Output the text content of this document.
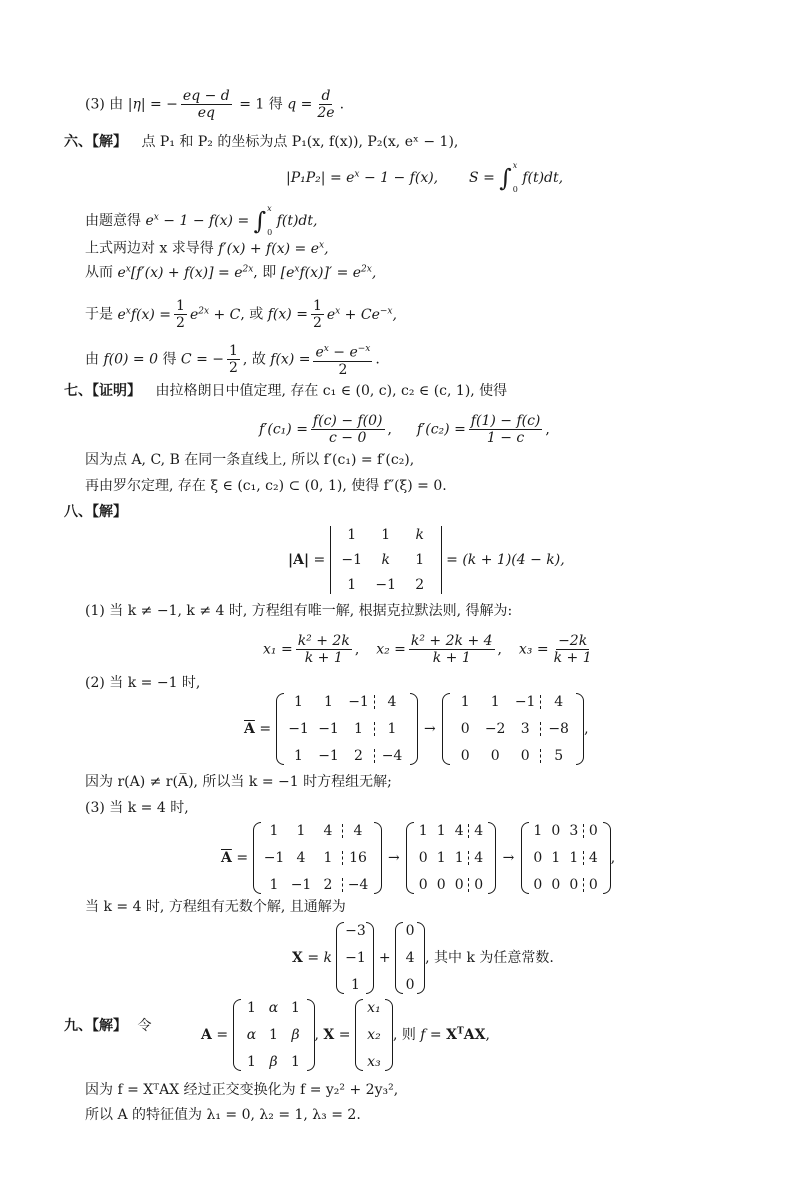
(3) 由 |η| = − $\frac{eq - d}{eq} = 1$ 得 $q = \frac{d}{2e}$ .
六、【解】 点 P₁ 和 P₂ 的坐标为点 P₁(x, f(x)), P₂(x, eˣ − 1),
$|P_1P_2| = e^x - 1 - f(x)$, S = ∫ x
0
f(t)dt,
由题意得 $e^x - 1 - f(x)$ = ∫ x
0
f(t)dt,
上式两边对 x 求导得 $f'(x) + f(x) = e^x$,
从而 $e^x[f'(x) + f(x)] = e^{2x}$, 即 $[e^xf(x)]' = e^{2x}$,
于是 $e^xf(x) = \frac{1}{2} e^{2x} + C$, 或 $f(x) = \frac{1}{2} e^x + Ce^{-x}$,
由 f(0) = 0 得 C = − $\frac{1}{2}$ , 故 $f(x) = \frac{e^x - e^{-x}}{2}$ .
七、【证明】 由拉格朗日中值定理, 存在 c₁ ∈ (0, c), c₂ ∈ (c, 1), 使得
$f'(c_1) = \frac{f(c) - f(0)}{c - 0}$ , $f'(c_2) = \frac{f(1) - f(c)}{1 - c}$ ,
因为点 A, C, B 在同一条直线上, 所以 f′(c₁) = f′(c₂),
再由罗尔定理, 存在 ξ ∈ (c₁, c₂) ⊂ (0, 1), 使得 f″(ξ) = 0.
八、【解】
|A| =
1	1	k
−1	k	1
1	−1	2
= (k + 1)(4 − k),
(1) 当 k ≠ −1, k ≠ 4 时, 方程组有唯一解, 根据克拉默法则, 得解为:
$x_1 = \frac{\text{k² + 2k}}{k + 1}$ , $x_2 = \frac{\text{k² + 2k + 4}}{k + 1}$ , $x_3 = \frac{-2k}{k + 1}$
(2) 当 k = −1 时,
$\overline{A}$ =
1	1	−1	4
−1 −1	1	1
1	−1	2	−4
→
1	1	−1	4
0	−2	3	−8
0	0	0	5
,
因为 r(A) ≠ r(A̅), 所以当 k = −1 时方程组无解;
(3) 当 k = 4 时,
$\overline{A}$ =
1	1	4	4
−1 4	1	16
1 −1 2	−4
→
1 1 4 4
0 1 1 4
0 0 0 0
→
1 0 3 0
0 1 1 4
0 0 0 0
,
当 k = 4 时, 方程组有无数个解, 且通解为
X = k
−3
−1
1
+
0
4
0
, 其中 k 为任意常数.
九、【解】 令
A =
1 α 1
α 1 β
1 β 1
, X =
x₁
x₂
x₃
, 则 $f = X^TAX$,
因为 f = XᵀAX 经过正交变换化为 f = y₂² + 2y₃²,
所以 A 的特征值为 λ₁ = 0, λ₂ = 1, λ₃ = 2.
